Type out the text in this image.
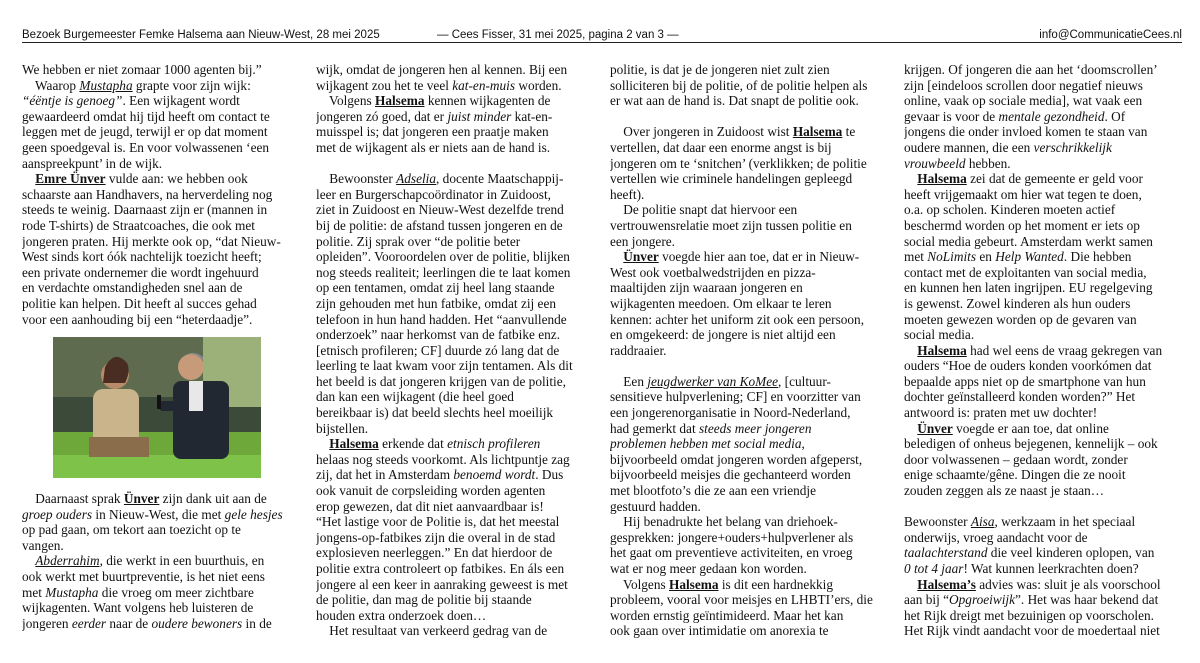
Bezoek Burgemeester Femke Halsema aan Nieuw-West, 28 mei 2025	— Cees Fisser, 31 mei 2025, pagina 2 van 3 —	info@CommunicatieCees.nl

We hebben er niet zomaar 1000 agenten bij.”

Waarop Mustapha grapte voor zijn wijk:

“éëntje is genoeg”. Een wijkagent wordt

gewaardeerd omdat hij tijd heeft om contact te

leggen met de jeugd, terwijl er op dat moment

geen spoedgeval is. En voor volwassenen ‘een

aanspreekpunt’ in de wijk.

Emre Ünver vulde aan: we hebben ook

schaarste aan Handhavers, na herverdeling nog

steeds te weinig. Daarnaast zijn er (mannen in

rode T-shirts) de Straatcoaches, die ook met

jongeren praten. Hij merkte ook op, “dat Nieuw-

West sinds kort óók nachtelijk toezicht heeft;

een private ondernemer die wordt ingehuurd

en verdachte omstandigheden snel aan de

politie kan helpen. Dit heeft al succes gehad

voor een aanhouding bij een “heterdaadje”.

Daarnaast sprak Ünver zijn dank uit aan de

groep ouders in Nieuw-West, die met gele hesjes

op pad gaan, om tekort aan toezicht op te

vangen.

Abderrahim, die werkt in een buurthuis, en

ook werkt met buurtpreventie, is het niet eens

met Mustapha die vroeg om meer zichtbare

wijkagenten. Want volgens heb luisteren de

jongeren eerder naar de oudere bewoners in de

wijk, omdat de jongeren hen al kennen. Bij een

wijkagent zou het te veel kat-en-muis worden.

Volgens Halsema kennen wijkagenten de

jongeren zó goed, dat er juist minder kat-en-

muisspel is; dat jongeren een praatje maken

met de wijkagent als er niets aan de hand is.

Bewoonster Adselia, docente Maatschappij-

leer en Burgerschapcoördinator in Zuidoost,

ziet in Zuidoost en Nieuw-West dezelfde trend

bij de politie: de afstand tussen jongeren en de

politie. Zij sprak over “de politie beter

opleiden”. Vooroordelen over de politie, blijken

nog steeds realiteit; leerlingen die te laat komen

op een tentamen, omdat zij heel lang staande

zijn gehouden met hun fatbike, omdat zij een

telefoon in hun hand hadden. Het “aanvullende

onderzoek” naar herkomst van de fatbike enz.

[etnisch profileren; CF] duurde zó lang dat de

leerling te laat kwam voor zijn tentamen. Als dit

het beeld is dat jongeren krijgen van de politie,

dan kan een wijkagent (die heel goed

bereikbaar is) dat beeld slechts heel moeilijk

bijstellen.

Halsema erkende dat etnisch profileren

helaas nog steeds voorkomt. Als lichtpuntje zag

zij, dat het in Amsterdam benoemd wordt. Dus

ook vanuit de corpsleiding worden agenten

erop gewezen, dat dit niet aanvaardbaar is!

“Het lastige voor de Politie is, dat het meestal

jongens-op-fatbikes zijn die overal in de stad

explosieven neerleggen.” En dat hierdoor de

politie extra controleert op fatbikes. En áls een

jongere al een keer in aanraking geweest is met

de politie, dan mag de politie bij staande

houden extra onderzoek doen…

Het resultaat van verkeerd gedrag van de

politie, is dat je de jongeren niet zult zien

solliciteren bij de politie, of de politie helpen als

er wat aan de hand is. Dat snapt de politie ook.

Over jongeren in Zuidoost wist Halsema te

vertellen, dat daar een enorme angst is bij

jongeren om te ‘snitchen’ (verklikken; de politie

vertellen wie criminele handelingen gepleegd

heeft).

De politie snapt dat hiervoor een

vertrouwensrelatie moet zijn tussen politie en

een jongere.

Ünver voegde hier aan toe, dat er in Nieuw-

West ook voetbalwedstrijden en pizza-

maaltijden zijn waaraan jongeren en

wijkagenten meedoen. Om elkaar te leren

kennen: achter het uniform zit ook een persoon,

en omgekeerd: de jongere is niet altijd een

raddraaier.

Een jeugdwerker van KoMee, [cultuur-

sensitieve hulpverlening; CF] en voorzitter van

een jongerenorganisatie in Noord-Nederland,

had gemerkt dat steeds meer jongeren

problemen hebben met social media,

bijvoorbeeld omdat jongeren worden afgeperst,

bijvoorbeeld meisjes die gechanteerd worden

met blootfoto’s die ze aan een vriendje

gestuurd hadden.

Hij benadrukte het belang van driehoek-

gesprekken: jongere+ouders+hulpverlener als

het gaat om preventieve activiteiten, en vroeg

wat er nog meer gedaan kon worden.

Volgens Halsema is dit een hardnekkig

probleem, vooral voor meisjes en LHBTI’ers, die

worden ernstig geïntimideerd. Maar het kan

ook gaan over intimidatie om anorexia te

krijgen. Of jongeren die aan het ‘doomscrollen’

zijn [eindeloos scrollen door negatief nieuws

online, vaak op sociale media], wat vaak een

gevaar is voor de mentale gezondheid. Of

jongens die onder invloed komen te staan van

oudere mannen, die een verschrikkelijk

vrouwbeeld hebben.

Halsema zei dat de gemeente er geld voor

heeft vrijgemaakt om hier wat tegen te doen,

o.a. op scholen. Kinderen moeten actief

beschermd worden op het moment er iets op

social media gebeurt. Amsterdam werkt samen

met NoLimits en Help Wanted. Die hebben

contact met de exploitanten van social media,

en kunnen hen laten ingrijpen. EU regelgeving

is gewenst. Zowel kinderen als hun ouders

moeten gewezen worden op de gevaren van

social media.

Halsema had wel eens de vraag gekregen van

ouders “Hoe de ouders konden voorkómen dat

bepaalde apps niet op de smartphone van hun

dochter geïnstalleerd konden worden?” Het

antwoord is: praten met uw dochter!

Ünver voegde er aan toe, dat online

beledigen of onheus bejegenen, kennelijk – ook

door volwassenen – gedaan wordt, zonder

enige schaamte/gêne. Dingen die ze nooit

zouden zeggen als ze naast je staan…

Bewoonster Aisa, werkzaam in het speciaal

onderwijs, vroeg aandacht voor de

taalachterstand die veel kinderen oplopen, van

0 tot 4 jaar! Wat kunnen leerkrachten doen?

Halsema’s advies was: sluit je als voorschool

aan bij “Opgroeiwijk”. Het was haar bekend dat

het Rijk dreigt met bezuinigen op voorscholen.

Het Rijk vindt aandacht voor de moedertaal niet
